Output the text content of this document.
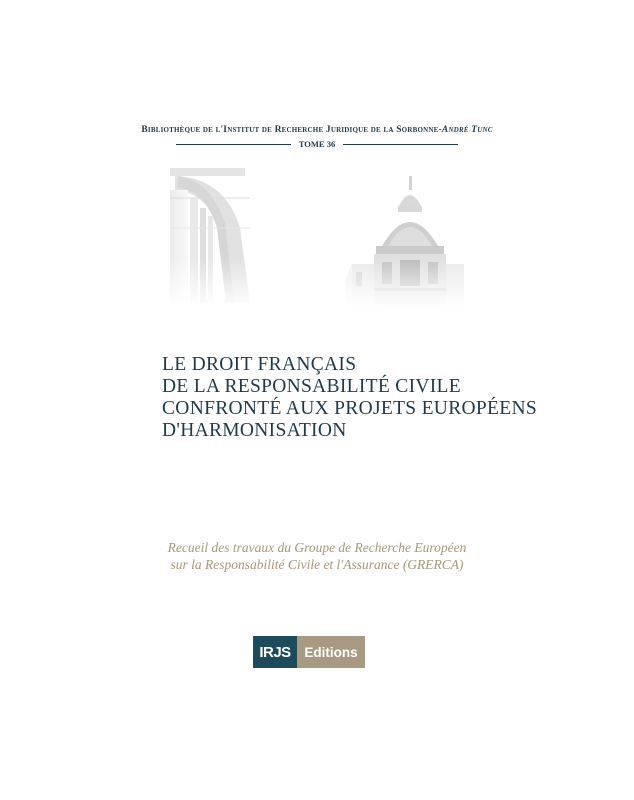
Bibliothèque de l'Institut de Recherche Juridique de la Sorbonne-André Tunc
TOME 36
LE DROIT FRANÇAIS
DE LA RESPONSABILITÉ CIVILE
CONFRONTÉ AUX PROJETS EUROPÉENS
D'HARMONISATION
Recueil des travaux du Groupe de Recherche Européen
sur la Responsabilité Civile et l'Assurance (GRERCA)
IRJS	Editions
